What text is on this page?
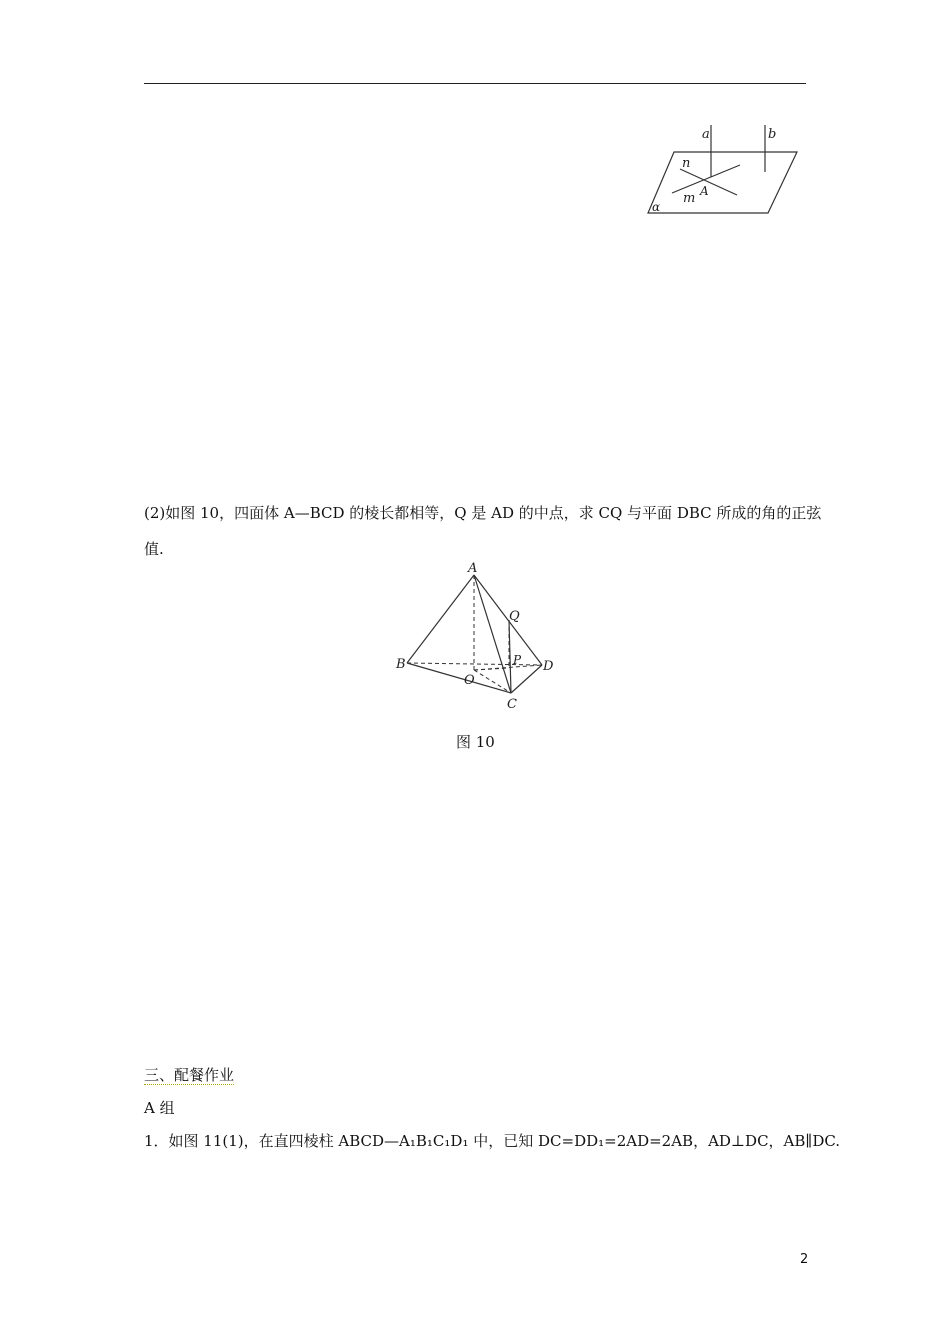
a	b
n
A
m
α
(2)如图 10，四面体 A—BCD 的棱长都相等，Q 是 AD 的中点，求 CQ 与平面 DBC 所成的角的正弦
值.
A
Q
B	P D
O
C
图 10
三、配餐作业
A 组
1．如图 11(1)，在直四棱柱 ABCD—A₁B₁C₁D₁ 中，已知 DC=DD₁=2AD=2AB，AD⊥DC，AB∥DC.
2
